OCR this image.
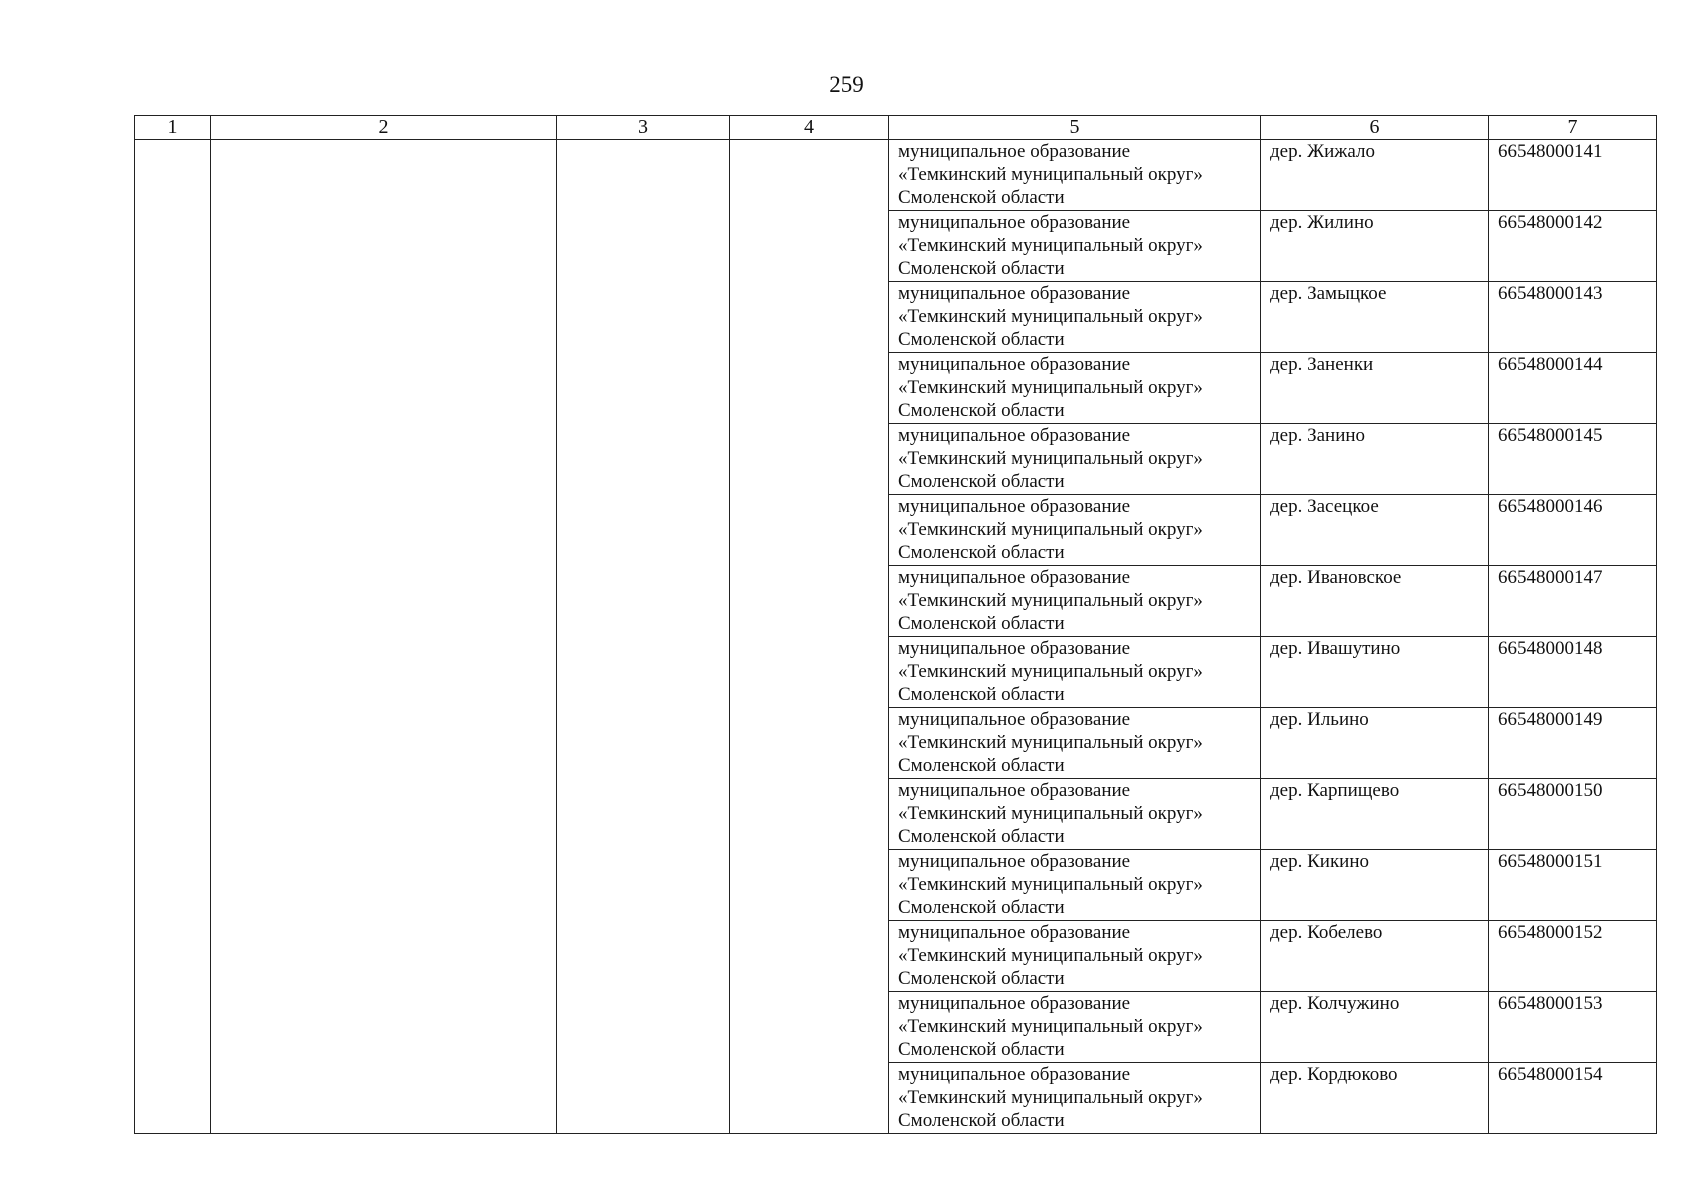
259
1	2	3	4	5	6	7

				муниципальное образование
«Темкинский муниципальный округ»
Смоленской области	дер. Жижало	66548000141

				муниципальное образование
«Темкинский муниципальный округ»
Смоленской области	дер. Жилино	66548000142

				муниципальное образование
«Темкинский муниципальный округ»
Смоленской области	дер. Замыцкое	66548000143

				муниципальное образование
«Темкинский муниципальный округ»
Смоленской области	дер. Заненки	66548000144

				муниципальное образование
«Темкинский муниципальный округ»
Смоленской области	дер. Занино	66548000145

				муниципальное образование
«Темкинский муниципальный округ»
Смоленской области	дер. Засецкое	66548000146

				муниципальное образование
«Темкинский муниципальный округ»
Смоленской области	дер. Ивановское	66548000147

				муниципальное образование
«Темкинский муниципальный округ»
Смоленской области	дер. Ивашутино	66548000148

				муниципальное образование
«Темкинский муниципальный округ»
Смоленской области	дер. Ильино	66548000149

				муниципальное образование
«Темкинский муниципальный округ»
Смоленской области	дер. Карпищево	66548000150

				муниципальное образование
«Темкинский муниципальный округ»
Смоленской области	дер. Кикино	66548000151

				муниципальное образование
«Темкинский муниципальный округ»
Смоленской области	дер. Кобелево	66548000152

				муниципальное образование
«Темкинский муниципальный округ»
Смоленской области	дер. Колчужино	66548000153

				муниципальное образование
«Темкинский муниципальный округ»
Смоленской области	дер. Кордюково	66548000154
